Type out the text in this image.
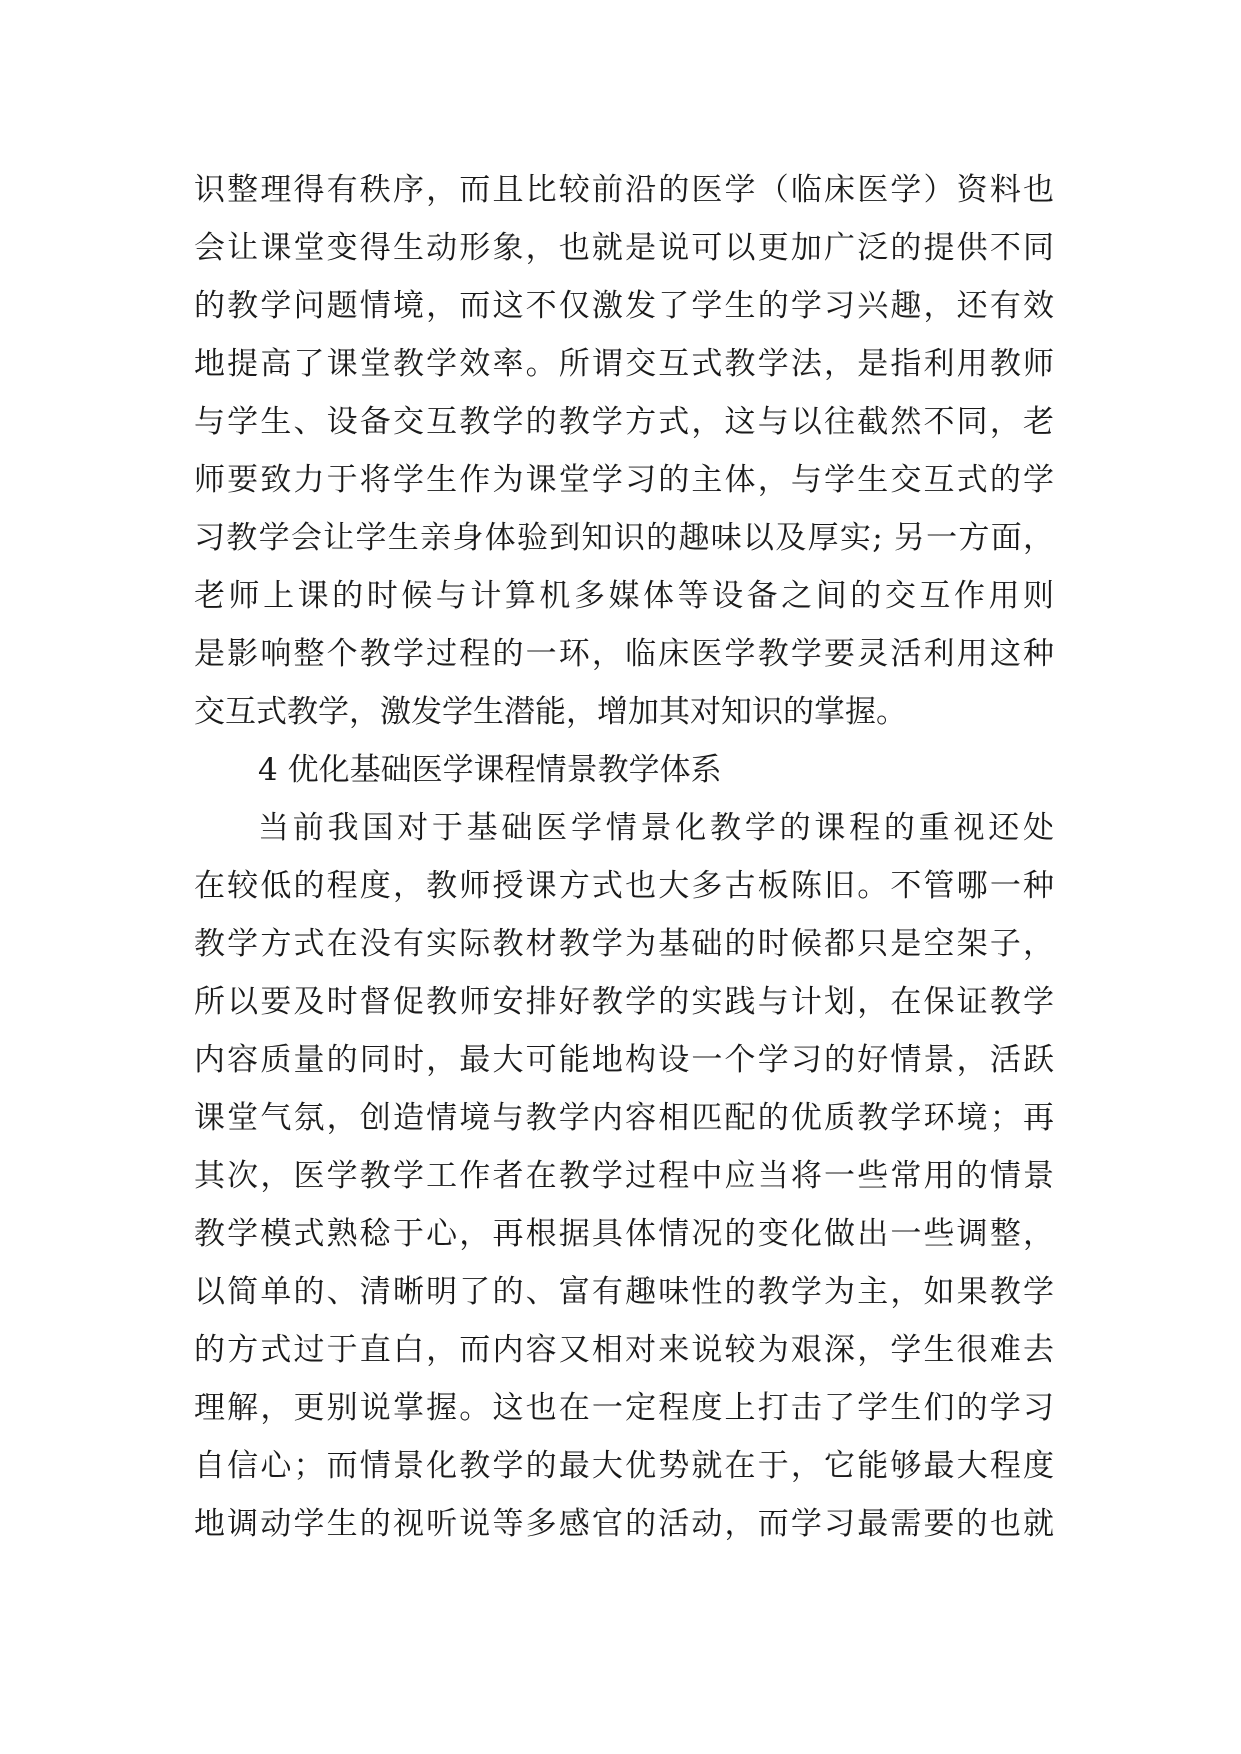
识整理得有秩序，而且比较前沿的医学（临床医学）资料也
会让课堂变得生动形象，也就是说可以更加广泛的提供不同
的教学问题情境，而这不仅激发了学生的学习兴趣，还有效
地提高了课堂教学效率。所谓交互式教学法，是指利用教师
与学生、设备交互教学的教学方式，这与以往截然不同，老
师要致力于将学生作为课堂学习的主体，与学生交互式的学
习教学会让学生亲身体验到知识的趣味以及厚实; 另一方面，
老师上课的时候与计算机多媒体等设备之间的交互作用则
是影响整个教学过程的一环，临床医学教学要灵活利用这种
交互式教学，激发学生潜能，增加其对知识的掌握。
4 优化基础医学课程情景教学体系
当前我国对于基础医学情景化教学的课程的重视还处
在较低的程度，教师授课方式也大多古板陈旧。不管哪一种
教学方式在没有实际教材教学为基础的时候都只是空架子，
所以要及时督促教师安排好教学的实践与计划，在保证教学
内容质量的同时，最大可能地构设一个学习的好情景，活跃
课堂气氛，创造情境与教学内容相匹配的优质教学环境；再
其次，医学教学工作者在教学过程中应当将一些常用的情景
教学模式熟稔于心，再根据具体情况的变化做出一些调整，
以简单的、清晰明了的、富有趣味性的教学为主，如果教学
的方式过于直白，而内容又相对来说较为艰深，学生很难去
理解，更别说掌握。这也在一定程度上打击了学生们的学习
自信心；而情景化教学的最大优势就在于，它能够最大程度
地调动学生的视听说等多感官的活动，而学习最需要的也就
